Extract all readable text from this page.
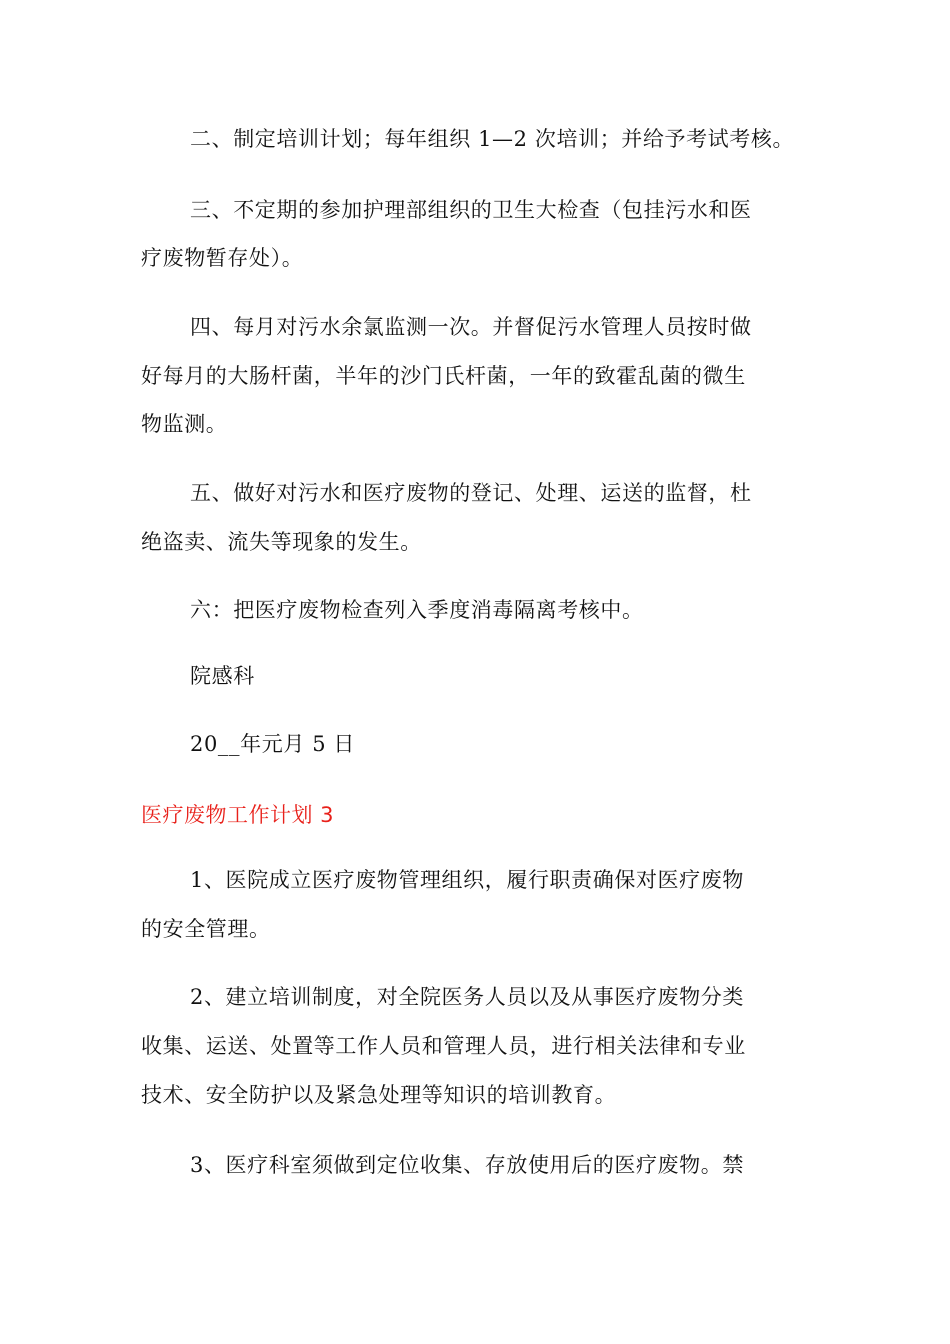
二、制定培训计划；每年组织 1—2 次培训；并给予考试考核。
三、不定期的参加护理部组织的卫生大检查（包挂污水和医
疗废物暂存处）。
四、每月对污水余氯监测一次。并督促污水管理人员按时做
好每月的大肠杆菌，半年的沙门氏杆菌，一年的致霍乱菌的微生
物监测。
五、做好对污水和医疗废物的登记、处理、运送的监督，杜
绝盗卖、流失等现象的发生。
六：把医疗废物检查列入季度消毒隔离考核中。
院感科
20__年元月 5 日
医疗废物工作计划 3
1、医院成立医疗废物管理组织，履行职责确保对医疗废物
的安全管理。
2、建立培训制度，对全院医务人员以及从事医疗废物分类
收集、运送、处置等工作人员和管理人员，进行相关法律和专业
技术、安全防护以及紧急处理等知识的培训教育。
3、医疗科室须做到定位收集、存放使用后的医疗废物。禁
